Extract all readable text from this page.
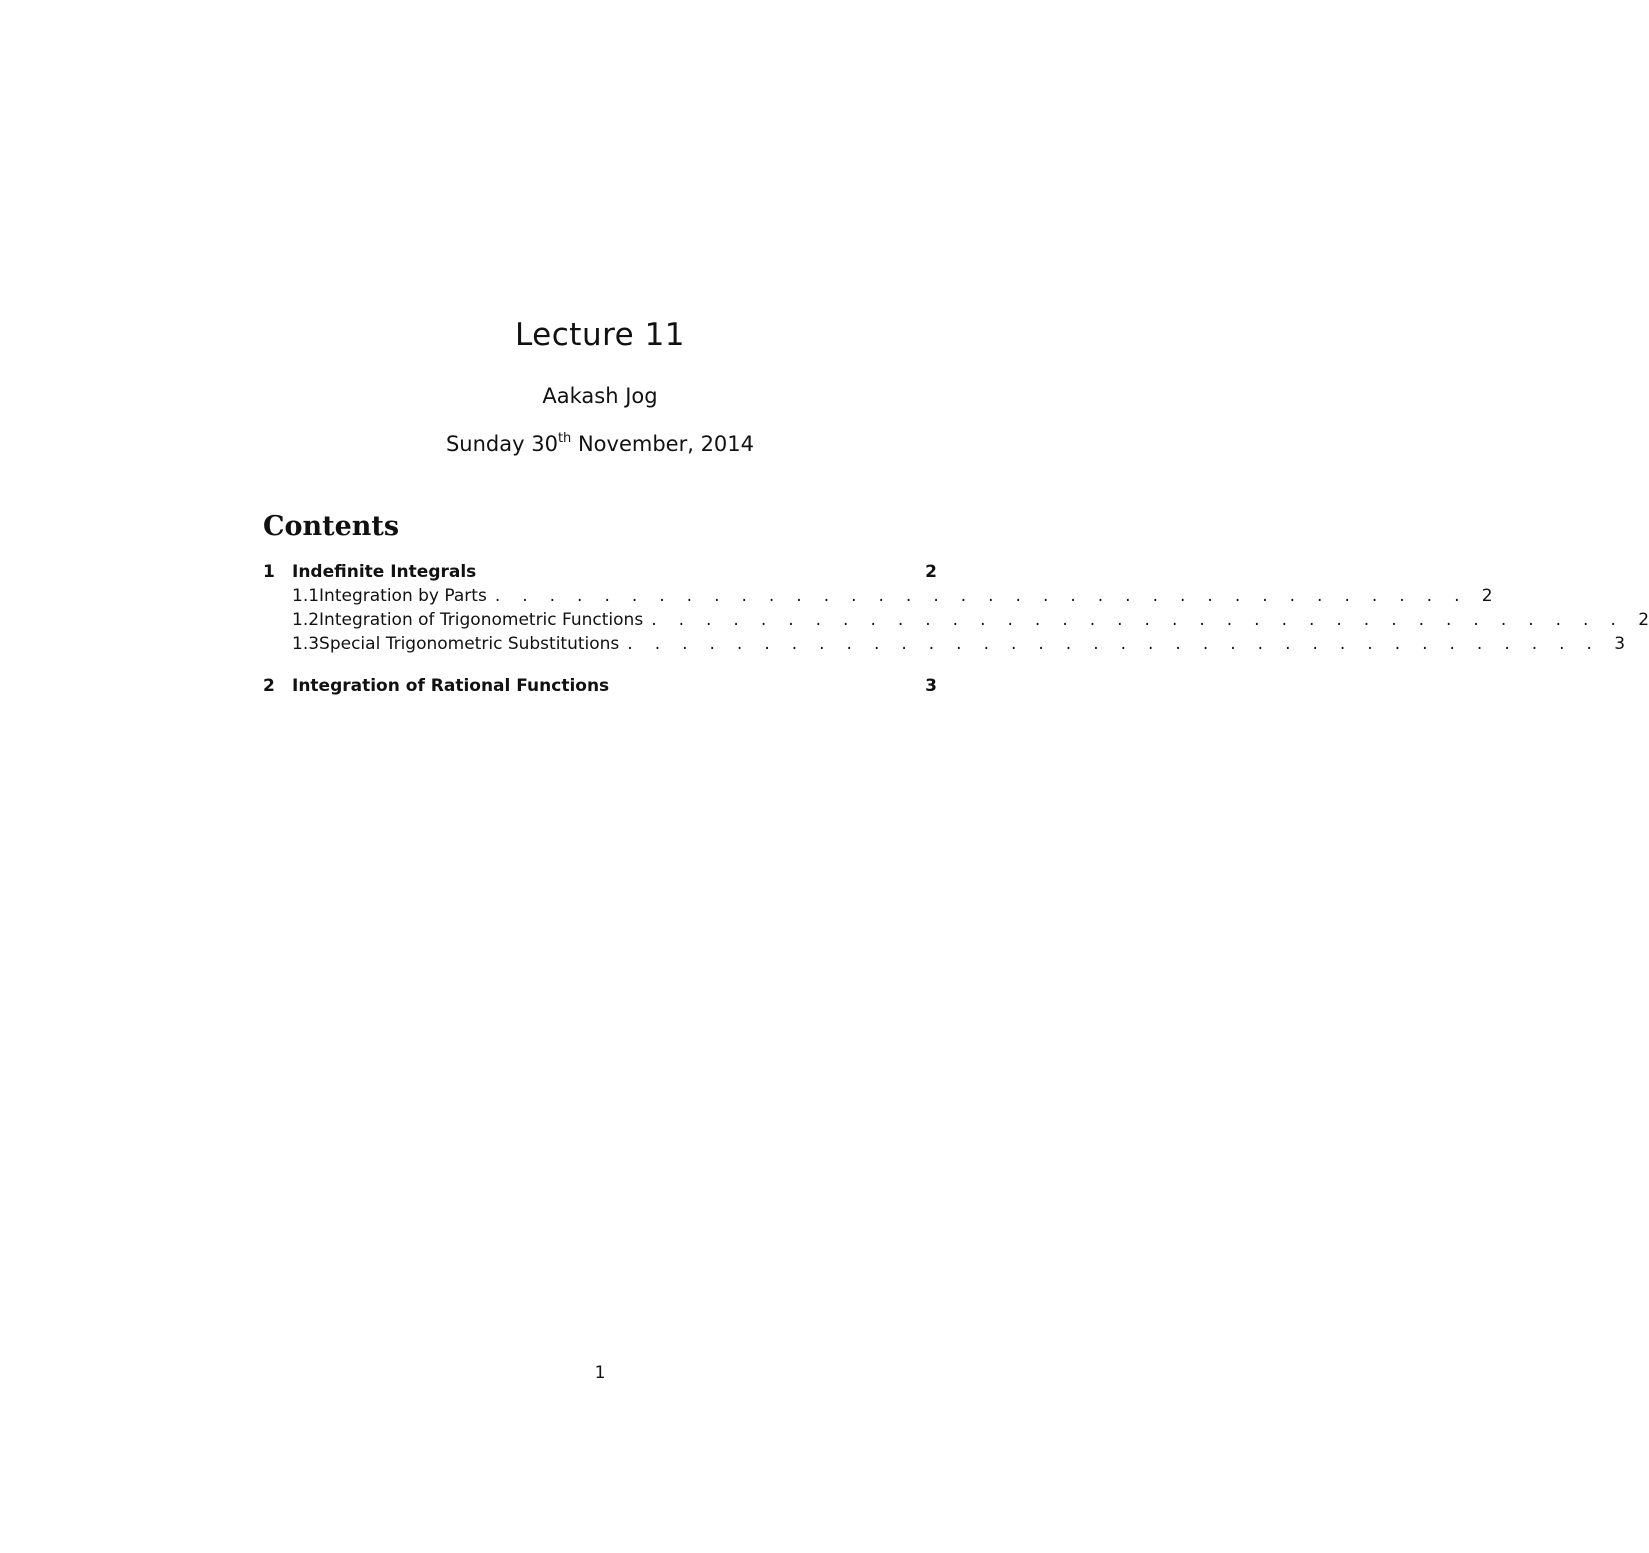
Lecture 11
Aakash Jog
Sunday 30th November, 2014
Contents
1	Indefinite Integrals	2
1.1 Integration by Parts . . . . . . . . . . . . . . . . . . . . . . . . . . . . . . . . . . . . 2
1.2 Integration of Trigonometric Functions . . . . . . . . . . . . . . . . . . . . . . . . . . . . . . . . . . . . 2
1.3 Special Trigonometric Substitutions . . . . . . . . . . . . . . . . . . . . . . . . . . . . . . . . . . . . 3
2	Integration of Rational Functions	3
1
